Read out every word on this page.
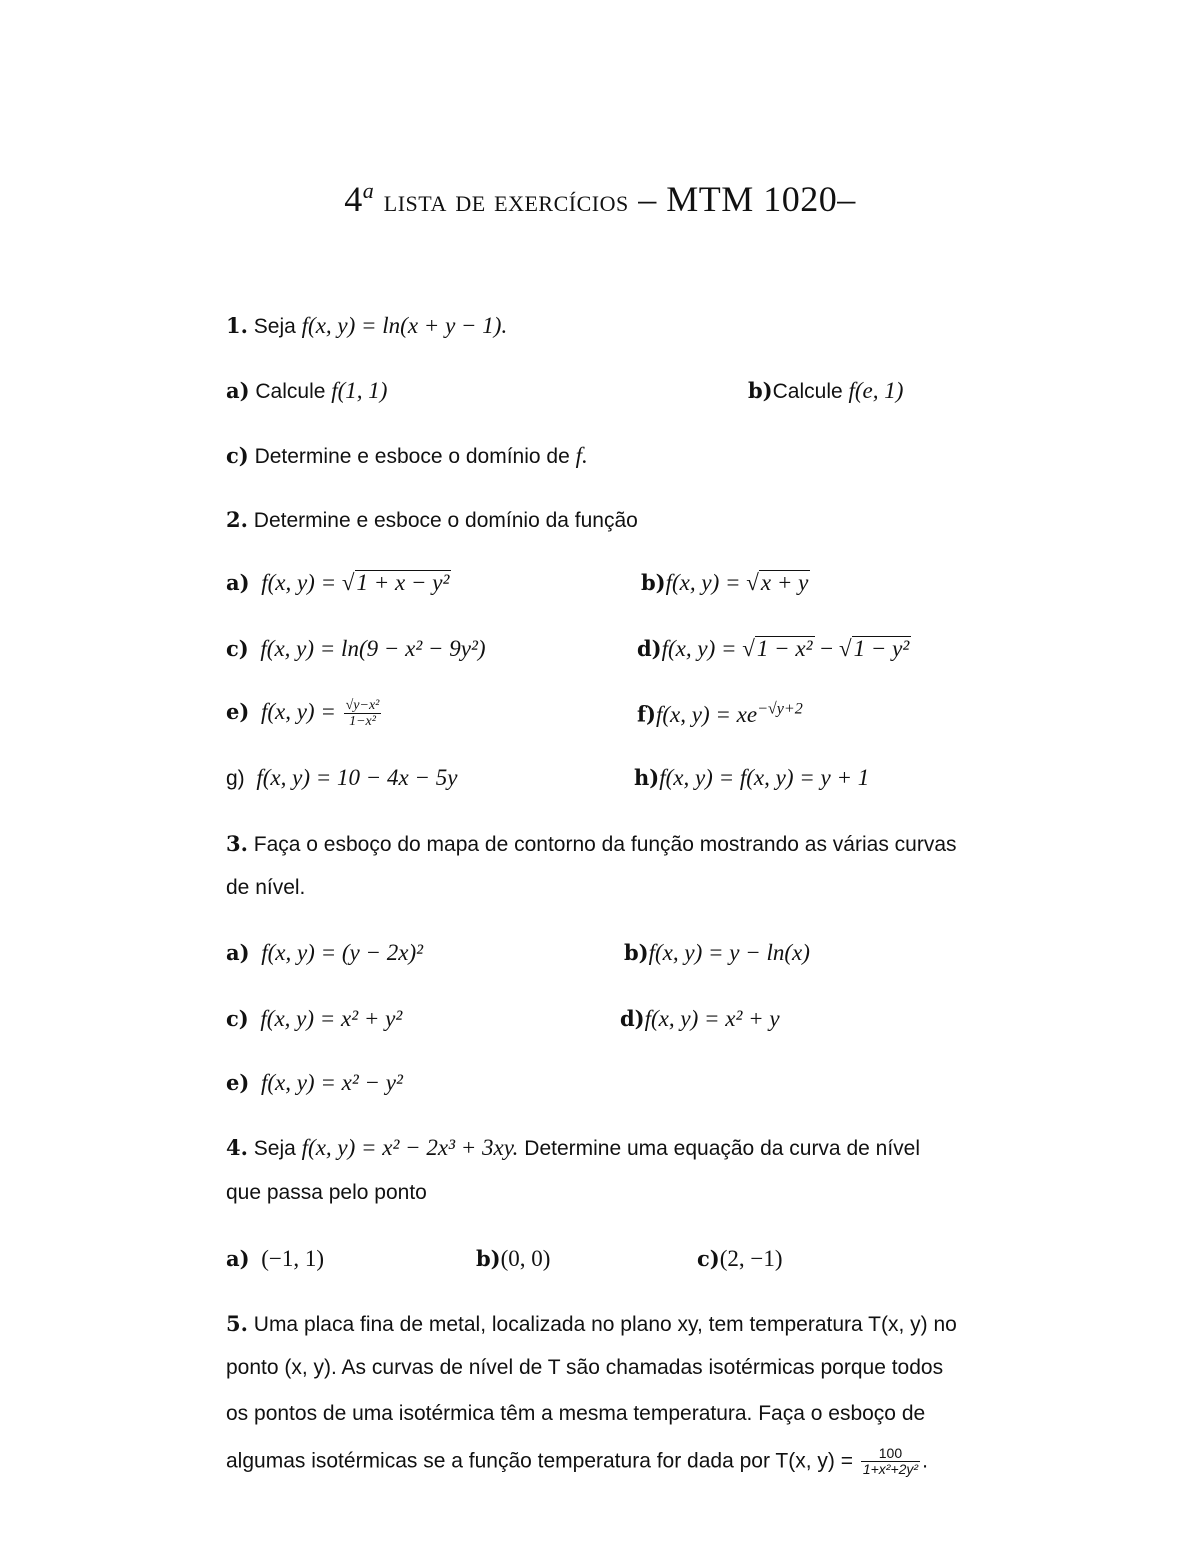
4$^a$ lista de exercícios – MTM 1020–
1. Seja f(x, y) = ln(x + y − 1).
a) Calcule f(1, 1)	b)Calcule f(e, 1)
c) Determine e esboce o domínio de f.
2. Determine e esboce o domínio da função
a) f(x, y) = √1 + x − y²	b)f(x, y) = √x + y
c) f(x, y) = ln(9 − x² − 9y²)	d)f(x, y) = √1 − x² − √1 − y²
e) f(x, $y) = \frac{\text{√y−x²}}{\text{1−x²}}$	f)f(x, $y) = xe^{-√y+2}$
g) f(x, y) = 10 − 4x − 5y	h)f(x, y) = f(x, y) = y + 1
3. Faça o esboço do mapa de contorno da função mostrando as várias curvas
de nível.
a) f(x, y) = (y − 2x)²	b)f(x, y) = y − ln(x)
c) f(x, y) = x² + y²	d)f(x, y) = x² + y
e) f(x, y) = x² − y²
4. Seja f(x, y) = x² − 2x³ + 3xy. Determine uma equação da curva de nível
que passa pelo ponto
a) (−1, 1)	b)(0, 0)	c)(2, −1)
5. Uma placa fina de metal, localizada no plano xy, tem temperatura T(x, y) no
ponto (x, y). As curvas de nível de T são chamadas isotérmicas porque todos
os pontos de uma isotérmica têm a mesma temperatura. Faça o esboço de
algumas isotérmicas se a função temperatura for dada por T(x, $y) = \frac{100}{\text{1+x²+2y²}}$ .
